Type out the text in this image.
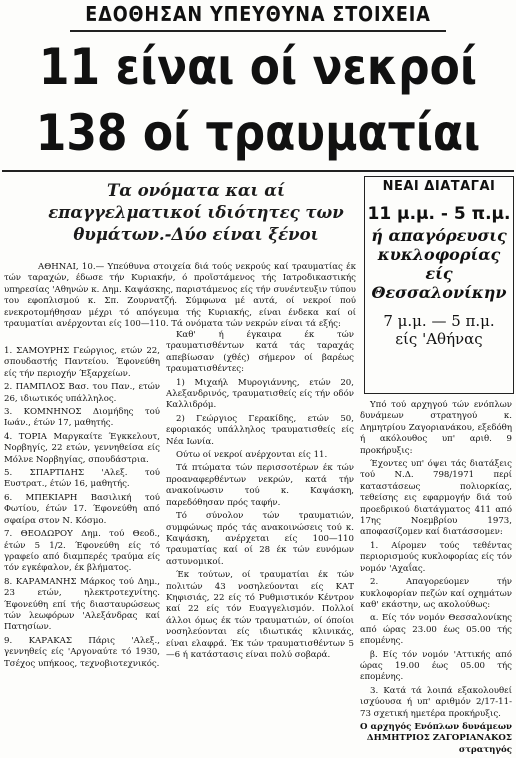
ΕΔΟΘΗΣΑΝ ΥΠΕΥΘΥΝΑ ΣΤΟΙΧΕΙΑ
11 είναι οί νεκροί
138 οί τραυματίαι
Τα ονόματα και αί επαγγελματικοί ιδιότητες των θυμάτων.-Δύο είναι ξένοι
ΝΕΑΙ ΔΙΑΤΑΓΑΙ
11 μ.μ. - 5 π.μ.
ή απαγόρευσις κυκλοφορίας είς Θεσσαλονίκην
7 μ.μ. — 5 π.μ.
είς 'Αθήνας
ΑΘΗΝΑΙ, 10.— Υπεύθυνα στοιχεία διά τούς νεκρούς καί τραυματίας έκ τών ταραχών, έδωσε τήν Κυριακήν, ό προϊστάμενος τής Ιατροδικαστικής υπηρεσίας 'Αθηνών κ. Δημ. Καψάσκης, παριστάμενος είς τήν συνέντευξιν τύπου του εφοπλισμού κ. Σπ. Ζουρνατζή. Σύμφωνα μέ αυτά, οί νεκροί πού ενεκροτομήθησαν μέχρι τό απόγευμα τής Κυριακής, είναι ένδεκα καί οί τραυματίαι ανέρχονται είς 100—110. Τά ονόματα τών νεκρών είναι τά εξής:

1. ΣΑΜΟΥΡΗΣ Γεώργιος, ετών 22, σπουδαστής Παντείου. Έφονεύθη είς τήν περιοχήν Έξαρχείων.

2. ΠΑΜΠΛΟΣ Βασ. του Παν., ετών 26, ιδιωτικός υπάλληλος.

3. ΚΟΜΝΗΝΟΣ Διομήδης τού Ιωάν., έτών 17, μαθητής.

4. ΤΟΡΙΑ Μαργκαίτε Έγκκελουτ, Νορβηγίς, 22 ετών, γεννηθείσα είς Μόλνε Νορβηγίας, σπουδάστρια.

5. ΣΠΑΡΤΙΔΗΣ 'Αλεξ. τού Ευστρατ., έτών 16, μαθητής.

6. ΜΠΕΚΙΑΡΗ Βασιλική τού Φωτίου, έτών 17. Έφονεύθη από σφαίρα στον Ν. Κόσμο.

7. ΘΕΟΔΩΡΟΥ Δημ. τού Θεοδ., έτών 5 1/2. Έφονεύθη είς τό γραφείο από διαμπερές τραύμα είς τόν εγκέφαλον, έκ βλήματος.

8. ΚΑΡΑΜΑΝΗΣ Μάρκος τού Δημ., 23 ετών, ηλεκτροτεχνίτης. Έφονεύθη επί τής διασταυρώσεως τών λεωφόρων 'Αλεξάνδρας καί Πατησίων.

9. ΚΑΡΑΚΑΣ Πάρις 'Αλεξ., γεννηθείς είς 'Αργοναύτε τό 1930, Τσέχος υπήκοος, τεχνοβιοτεχνικός.

Καθ' ή έγκαιρα έκ τών τραυματισθέντων κατά τάς ταραχάς απεβίωσαν (χθές) σήμερον οί βαρέως τραυματισθέντες:

1) Μιχαήλ Μυρογιάννης, ετών 20, Αλεξανδρινός, τραυματισθείς είς τήν οδόν Καλλιδρόμ.

2) Γεώργιος Γερακίδης, ετών 50, εφοριακός υπάλληλος τραυματισθείς είς Νέα Ιωνία.

Ούτω οί νεκροί ανέρχονται είς 11.

Τά πτώματα τών περισσοτέρων έκ τών προαναφερθέντων νεκρών, κατά τήν ανακοίνωσιν τού κ. Καψάσκη, παρεδόθησαν πρός ταφήν.

Τό σύνολον τών τραυματιών, συμφώνως πρός τάς ανακοινώσεις τού κ. Καψάσκη, ανέρχεται είς 100—110 τραυματίας καί οί 28 έκ τών ευνόμων αστυνομικοί.

Έκ τούτων, οί τραυματίαι έκ τών πολιτών 43 νοσηλεύονται είς ΚΑΤ Κηφισιάς, 22 είς τό Ρυθμιστικόν Κέντρον καί 22 είς τόν Ευαγγελισμόν. Πολλοί άλλοι όμως έκ τών τραυματιών, οί όποίοι νοσηλεύονται είς ιδιωτικάς κλινικάς, είναι ελαφρά. Έκ τών τραυματισθέντων 5—6 ή κατάστασις είναι πολύ σοβαρά.

Υπό τού αρχηγού τών ενόπλων δυνάμεων στρατηγού κ. Δημητρίου Ζαγοριανάκου, εξεδόθη ή ακόλουθος υπ' αριθ. 9 προκήρυξις:

Έχοντες υπ' όψει τάς διατάξεις τού Ν.Δ. 798/1971 περί καταστάσεως πολιορκίας, τεθείσης εις εφαρμογήν διά τού προεδρικού διατάγματος 411 από 17ης Νοεμβρίου 1973, αποφασίζομεν καί διατάσσομεν:

1. Αίρομεν τούς τεθέντας περιορισμούς κυκλοφορίας είς τόν νομόν 'Αχαΐας.

2. Απαγορεύομεν τήν κυκλοφορίαν πεζών καί οχημάτων καθ' εκάστην, ως ακολούθως:

α. Είς τόν νομόν Θεσσαλονίκης από ώρας 23.00 έως 05.00 τής επομένης.

β. Είς τόν νομόν 'Αττικής από ώρας 19.00 έως 05.00 τής επομένης.

3. Κατά τά λοιπά εξακολουθεί ισχύουσα ή υπ' αριθμόν 2/17-11-73 σχετική ημετέρα προκήρυξις.

Ο αρχηγός Ενόπλων δυνάμεων ΔΗΜΗΤΡΙΟΣ ΖΑΓΟΡΙΑΝΑΚΟΣ στρατηγός
